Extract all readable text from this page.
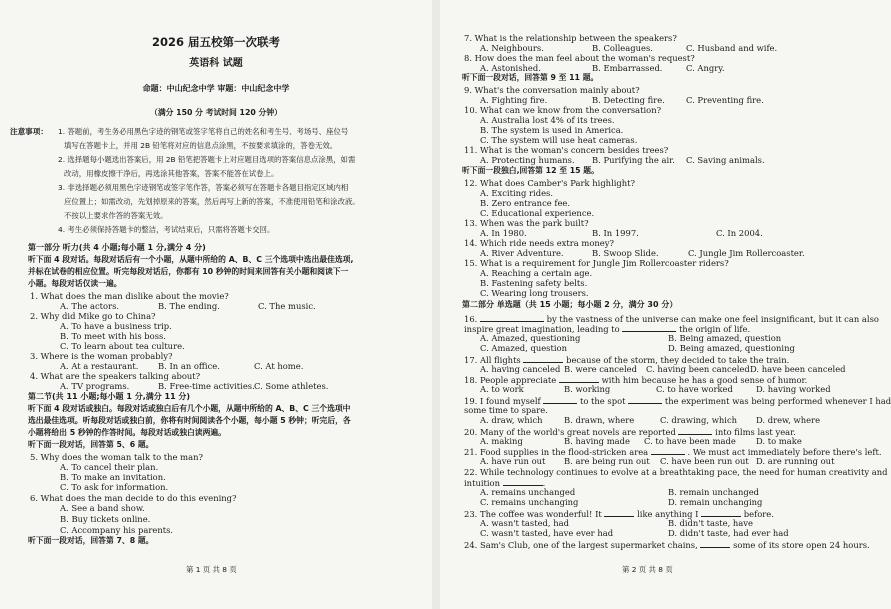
2026 届五校第一次联考
英语科 试题
命题：中山纪念中学 审题：中山纪念中学
（满分 150 分 考试时间 120 分钟）
注意事项： 1. 答题前，考生务必用黑色字迹的钢笔或签字笔将自己的姓名和考生号、考场号、座位号
填写在答题卡上，并用 2B 铅笔将对应的信息点涂黑，不按要求填涂的，答卷无效。
2. 选择题每小题选出答案后，用 2B 铅笔把答题卡上对应题目选项的答案信息点涂黑，如需
改动，用橡皮擦干净后，再选涂其他答案，答案不能答在试卷上。
3. 非选择题必须用黑色字迹钢笔或签字笔作答，答案必须写在答题卡各题目指定区域内相
应位置上；如需改动，先划掉原来的答案，然后再写上新的答案，不准使用铅笔和涂改液。
不按以上要求作答的答案无效。
4. 考生必须保持答题卡的整洁，考试结束后，只需将答题卡交回。
第一部分 听力(共 4 小题;每小题 1 分,满分 4 分)
听下面 4 段对话。每段对话后有一个小题，从题中所给的 A、B、C 三个选项中选出最佳选项,
并标在试卷的相应位置。听完每段对话后，你都有 10 秒钟的时间来回答有关小题和阅读下一
小题。每段对话仅读一遍。
1. What does the man dislike about the movie?
A. The actors.	B. The ending.	C. The music.
2. Why did Mike go to China?
A. To have a business trip.
B. To meet with his boss.
C. To learn about tea culture.
3. Where is the woman probably?
A. At a restaurant. B. In an office.	C. At home.
4. What are the speakers talking about?
A. TV programs.	B. Free-time activities. C. Some athletes.
第二节(共 11 小题;每小题 1 分,满分 11 分)
听下面 4 段对话或独白。每段对话或独白后有几个小题，从题中所给的 A、B、C 三个选项中
选出最佳选项。听每段对话或独白前，你将有时间阅读各个小题，每小题 5 秒钟；听完后，各
小题将给出 5 秒钟的作答时间。每段对话或独白读两遍。
听下面一段对话，回答第 5、6 题。
5. Why does the woman talk to the man?
A. To cancel their plan.
B. To make an invitation.
C. To ask for information.
6. What does the man decide to do this evening?
A. See a band show.
B. Buy tickets online.
C. Accompany his parents.
听下面一段对话，回答第 7、8 题。
第 1 页 共 8 页
7. What is the relationship between the speakers?
A. Neighbours.	B. Colleagues.	C. Husband and wife.
8. How does the man feel about the woman's request?
A. Astonished.	B. Embarrassed.	C. Angry.
听下面一段对话，回答第 9 至 11 题。
9. What's the conversation mainly about?
A. Fighting fire.	B. Detecting fire.	C. Preventing fire.
10. What can we know from the conversation?
A. Australia lost 4% of its trees.
B. The system is used in America.
C. The system will use heat cameras.
11. What is the woman's concern besides trees?
A. Protecting humans. B. Purifying the air. C. Saving animals.
听下面一段独白,回答第 12 至 15 题。
12. What does Camber's Park highlight?
A. Exciting rides.
B. Zero entrance fee.
C. Educational experience.
13. When was the park built?
A. In 1980.	B. In 1997.	C. In 2004.
14. Which ride needs extra money?
A. River Adventure.	B. Swoop Slide.	C. Jungle Jim Rollercoaster.
15. What is a requirement for Jungle Jim Rollercoaster riders?
A. Reaching a certain age.
B. Fastening safety belts.
C. Wearing long trousers.
第二部分 单选题（共 15 小题；每小题 2 分，满分 30 分）
16.	by the vastness of the universe can make one feel insignificant, but it can also
inspire great imagination, leading to	the origin of life.
A. Amazed, questioning	B. Being amazed, question
C. Amazed, question	D. Being amazed, questioning
17. All flights	because of the storm, they decided to take the train.
A. having canceled B. were canceled C. having been canceled D. have been canceled
18. People appreciate	with him because he has a good sense of humor.
A. to work	B. working	C. to have worked	D. having worked
19. I found myself	to the spot	the experiment was being performed whenever I had
some time to spare.
A. draw, which	B. drawn, where	C. drawing, which D. drew, where
20. Many of the world's great novels are reported	into films last year.
A. making	B. having made C. to have been made D. to make
21. Food supplies in the flood-stricken area	. We must act immediately before there's left.
A. have run out B. are being run out C. have been run out D. are running out
22. While technology continues to evolve at a breathtaking pace, the need for human creativity and
intuition	.
A. remains unchanged	B. remain unchanged
C. remains unchanging	D. remain unchanging
23. The coffee was wonderful! It	like anything I	before.
A. wasn't tasted, had	B. didn't taste, have
C. wasn't tasted, have ever had	D. didn't taste, had ever had
24. Sam's Club, one of the largest supermarket chains,	some of its store open 24 hours.
第 2 页 共 8 页
